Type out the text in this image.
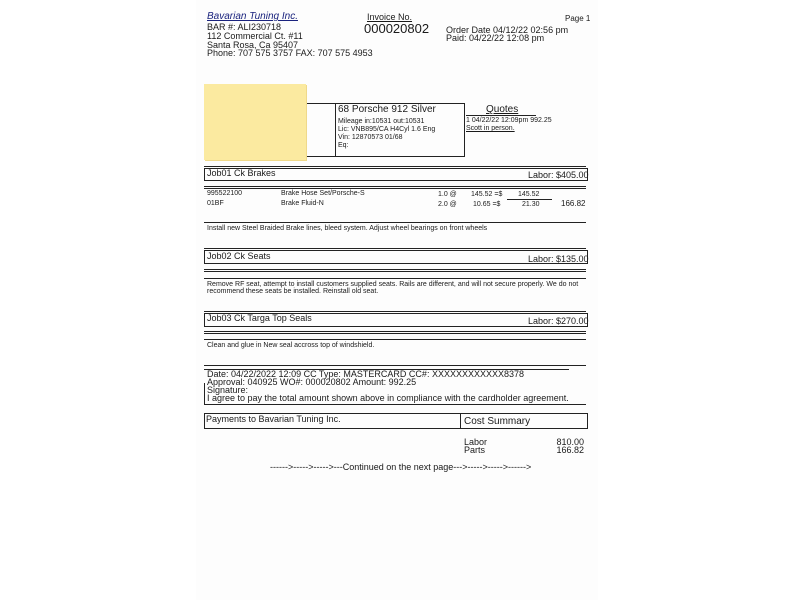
Bavarian Tuning Inc.
BAR #: ALI230718
112 Commercial Ct. #11
Santa Rosa, Ca 95407
Phone: 707 575 3757 FAX: 707 575 4953
Invoice No.
000020802 Order Date 04/12/22 02:56 pm
Paid: 04/22/22 12:08 pm
Page 1
68 Porsche 912 Silver
Mileage in:10531 out:10531
Lic: VNB895/CA H4Cyl 1.6 Eng
Vin: 12870573 01/68
Eq:
Quotes
1 04/22/22 12:09pm 992.25
Scott in person.
Job01 Ck Brakes	Labor: $405.00
995522100	Brake Hose Set/Porsche-S	1.0 @ 145.52 =$ 145.52
01BF	Brake Fluid-N	2.0 @ 10.65 =$	21.30	166.82
Install new Steel Braided Brake lines, bleed system. Adjust wheel bearings on front wheels
Job02 Ck Seats	Labor: $135.00
Remove RF seat, attempt to install customers supplied seats. Rails are different, and will not secure properly. We do not
recommend these seats be installed. Reinstall old seat.
Job03 Ck Targa Top Seals	Labor: $270.00
Clean and glue in New seal accross top of windshield.
Date: 04/22/2022 12:09 CC Type: MASTERCARD CC#: XXXXXXXXXXXX8378
Approval: 040925 WO#: 000020802 Amount: 992.25
Signature:
I agree to pay the total amount shown above in compliance with the cardholder agreement.
Payments to Bavarian Tuning Inc.	Cost Summary
Labor	810.00
Parts	166.82
------>----->----->---Continued on the next page--->----->----->------>
